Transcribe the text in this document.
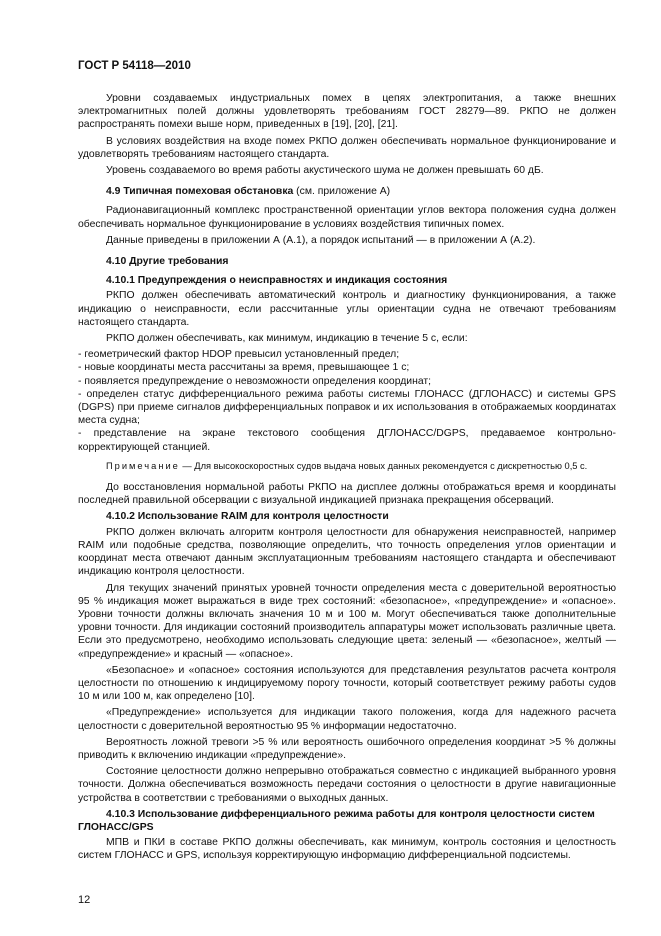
ГОСТ Р 54118—2010

Уровни создаваемых индустриальных помех в цепях электропитания, а также внешних электромагнитных полей должны удовлетворять требованиям ГОСТ 28279—89. РКПО не должен распространять помехи выше норм, приведенных в [19], [20], [21].

В условиях воздействия на входе помех РКПО должен обеспечивать нормальное функционирование и удовлетворять требованиям настоящего стандарта.

Уровень создаваемого во время работы акустического шума не должен превышать 60 дБ.

4.9 Типичная помеховая обстановка (см. приложение А)

Радионавигационный комплекс пространственной ориентации углов вектора положения судна должен обеспечивать нормальное функционирование в условиях воздействия типичных помех.

Данные приведены в приложении А (А.1), а порядок испытаний — в приложении А (А.2).

4.10 Другие требования
4.10.1 Предупреждения о неисправностях и индикация состояния

РКПО должен обеспечивать автоматический контроль и диагностику функционирования, а также индикацию о неисправности, если рассчитанные углы ориентации судна не отвечают требованиям настоящего стандарта.

РКПО должен обеспечивать, как минимум, индикацию в течение 5 с, если:

- геометрический фактор HDOP превысил установленный предел;
- новые координаты места рассчитаны за время, превышающее 1 с;
- появляется предупреждение о невозможности определения координат;
- определен статус дифференциального режима работы системы ГЛОНАСС (ДГЛОНАСС) и системы GPS (DGPS) при приеме сигналов дифференциальных поправок и их использования в отображаемых координатах места судна;
- представление на экране текстового сообщения ДГЛОНАСС/DGPS, предаваемое контрольно-корректирующей станцией.

Примечание — Для высокоскоростных судов выдача новых данных рекомендуется с дискретностью 0,5 с.

До восстановления нормальной работы РКПО на дисплее должны отображаться время и координаты последней правильной обсервации с визуальной индикацией признака прекращения обсерваций.

4.10.2 Использование RAIM для контроля целостности

РКПО должен включать алгоритм контроля целостности для обнаружения неисправностей, например RAIM или подобные средства, позволяющие определить, что точность определения углов ориентации и координат места отвечают данным эксплуатационным требованиям настоящего стандарта и обеспечивают индикацию контроля целостности.

Для текущих значений принятых уровней точности определения места с доверительной вероятностью 95 % индикация может выражаться в виде трех состояний: «безопасное», «предупреждение» и «опасное». Уровни точности должны включать значения 10 м и 100 м. Могут обеспечиваться также дополнительные уровни точности. Для индикации состояний производитель аппаратуры может использовать различные цвета. Если это предусмотрено, необходимо использовать следующие цвета: зеленый — «безопасное», желтый — «предупреждение» и красный — «опасное».

«Безопасное» и «опасное» состояния используются для представления результатов расчета контроля целостности по отношению к индицируемому порогу точности, который соответствует режиму работы судов 10 м или 100 м, как определено [10].

«Предупреждение» используется для индикации такого положения, когда для надежного расчета целостности с доверительной вероятностью 95 % информации недостаточно.

Вероятность ложной тревоги >5 % или вероятность ошибочного определения координат >5 % должны приводить к включению индикации «предупреждение».

Состояние целостности должно непрерывно отображаться совместно с индикацией выбранного уровня точности. Должна обеспечиваться возможность передачи состояния о целостности в другие навигационные устройства в соответствии с требованиями о выходных данных.

4.10.3 Использование дифференциального режима работы для контроля целостности систем ГЛОНАСС/GPS

МПВ и ПКИ в составе РКПО должны обеспечивать, как минимум, контроль состояния и целостность систем ГЛОНАСС и GPS, используя корректирующую информацию дифференциальной подсистемы.

12
